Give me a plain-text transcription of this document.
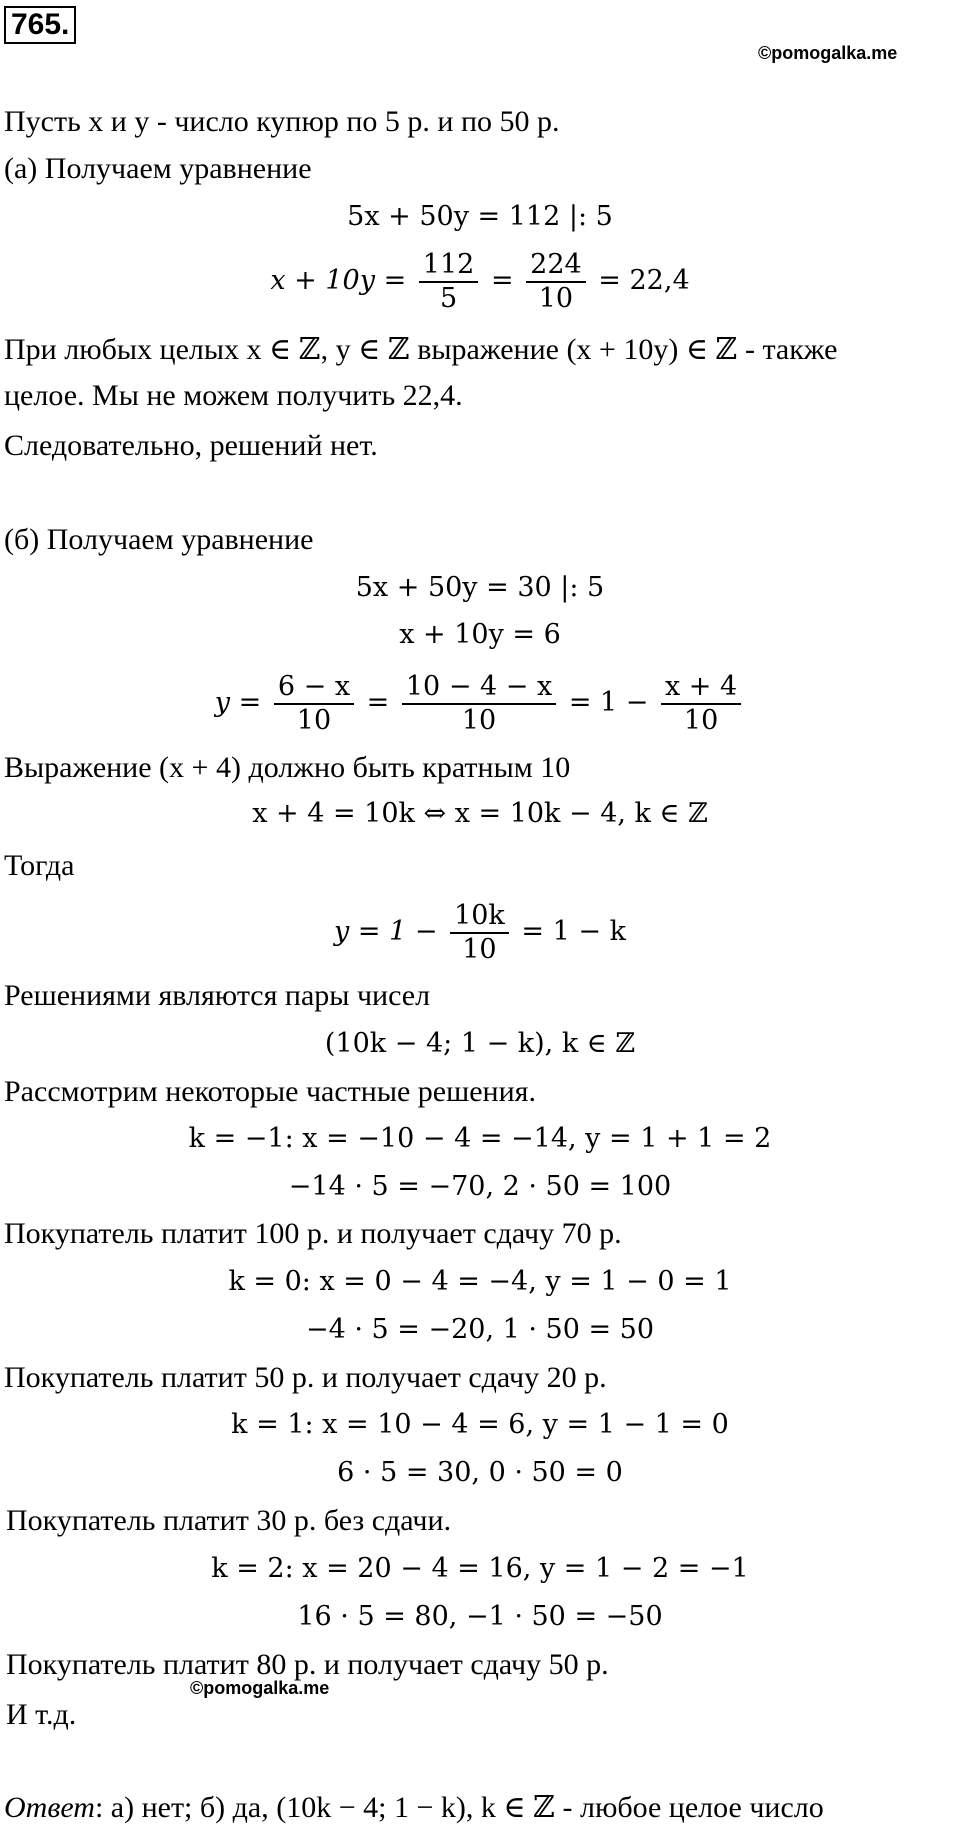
765.
©pomogalka.me
Пусть x и y - число купюр по 5 р. и по 50 р.
(а) Получаем уравнение
5x + 50y = 112 |: 5
$x + 10y = \frac{112}{5} = \frac{224}{10} = 22,4$
При любых целых x ∈ ℤ, y ∈ ℤ выражение (x + 10y) ∈ ℤ - также
целое. Мы не можем получить 22,4.
Следовательно, решений нет.
(б) Получаем уравнение
5x + 50y = 30 |: 5
x + 10y = 6
$y = \frac{6 - x}{10} = \frac{10 - 4 - x}{10} = 1 - \frac{x + 4}{10}$
Выражение (x + 4) должно быть кратным 10
x + 4 = 10k ⇔ x = 10k − 4, k ∈ ℤ
Тогда
$y = 1 - \frac{10k}{10} = 1 - k$
Решениями являются пары чисел
(10k − 4; 1 − k), k ∈ ℤ
Рассмотрим некоторые частные решения.
k = −1: x = −10 − 4 = −14, y = 1 + 1 = 2
−14 · 5 = −70, 2 · 50 = 100
Покупатель платит 100 р. и получает сдачу 70 р.
k = 0: x = 0 − 4 = −4, y = 1 − 0 = 1
−4 · 5 = −20, 1 · 50 = 50
Покупатель платит 50 р. и получает сдачу 20 р.
k = 1: x = 10 − 4 = 6, y = 1 − 1 = 0
6 · 5 = 30, 0 · 50 = 0
Покупатель платит 30 р. без сдачи.
k = 2: x = 20 − 4 = 16, y = 1 − 2 = −1
16 · 5 = 80, −1 · 50 = −50
Покупатель платит 80 р. и получает сдачу 50 р.
©pomogalka.me
И т.д.
Ответ: а) нет; б) да, (10k − 4; 1 − k), k ∈ ℤ - любое целое число
